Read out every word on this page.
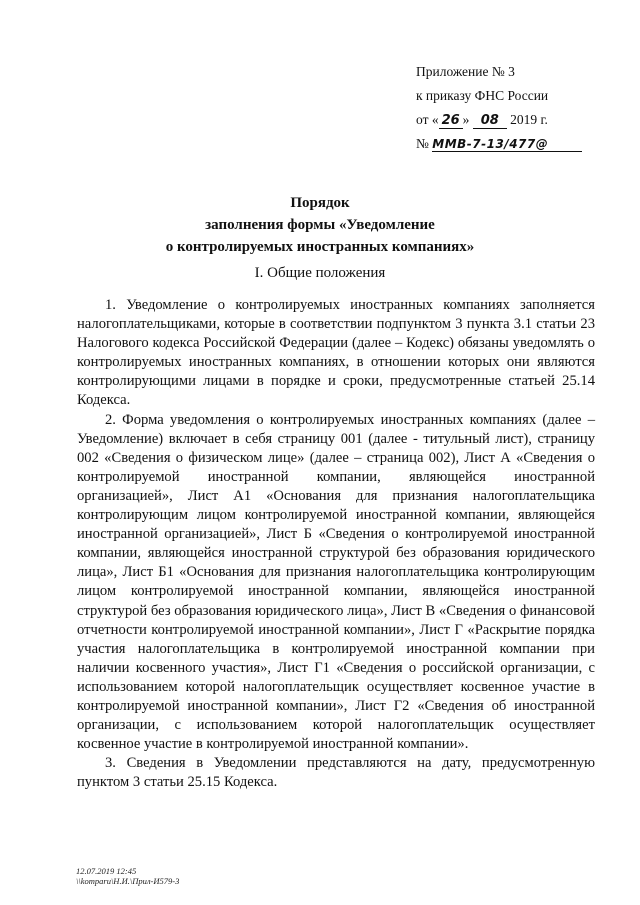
Приложение № 3
к приказу ФНС России
от « 26 » 08 2019 г.
№ ММВ-7-13/477@
Порядок
заполнения формы «Уведомление
о контролируемых иностранных компаниях»
I. Общие положения

1. Уведомление о контролируемых иностранных компаниях заполняется налогоплательщиками, которые в соответствии подпунктом 3 пункта 3.1 статьи 23 Налогового кодекса Российской Федерации (далее – Кодекс) обязаны уведомлять о контролируемых иностранных компаниях, в отношении которых они являются контролирующими лицами в порядке и сроки, предусмотренные статьей 25.14 Кодекса.

2. Форма уведомления о контролируемых иностранных компаниях (далее – Уведомление) включает в себя страницу 001 (далее - титульный лист), страницу 002 «Сведения о физическом лице» (далее – страница 002), Лист А «Сведения о контролируемой иностранной компании, являющейся иностранной организацией», Лист А1 «Основания для признания налогоплательщика контролирующим лицом контролируемой иностранной компании, являющейся иностранной организацией», Лист Б «Сведения о контролируемой иностранной компании, являющейся иностранной структурой без образования юридического лица», Лист Б1 «Основания для признания налогоплательщика контролирующим лицом контролируемой иностранной компании, являющейся иностранной структурой без образования юридического лица», Лист В «Сведения о финансовой отчетности контролируемой иностранной компании», Лист Г «Раскрытие порядка участия налогоплательщика в контролируемой иностранной компании при наличии косвенного участия», Лист Г1 «Сведения о российской организации, с использованием которой налогоплательщик осуществляет косвенное участие в контролируемой иностранной компании», Лист Г2 «Сведения об иностранной организации, с использованием которой налогоплательщик осуществляет косвенное участие в контролируемой иностранной компании».

3. Сведения в Уведомлении представляются на дату, предусмотренную пунктом 3 статьи 25.15 Кодекса.

12.07.2019 12:45
\\komparu\Н.И.\Прил-И579-3
